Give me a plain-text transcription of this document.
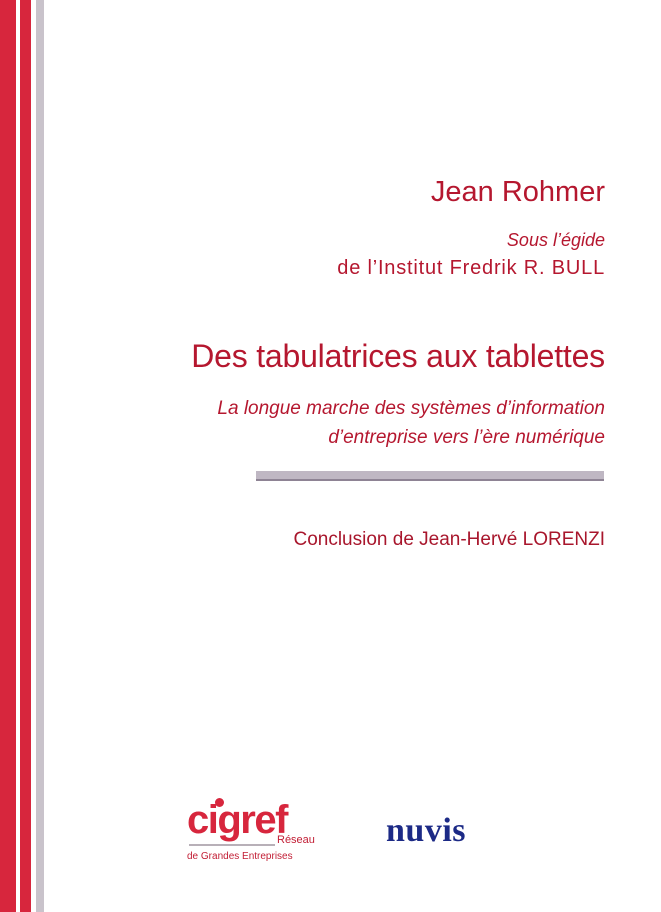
Jean Rohmer
Sous l’égide
de l’Institut Fredrik R. BULL
Des tabulatrices aux tablettes
La longue marche des systèmes d’information
d’entreprise vers l’ère numérique
Conclusion de Jean-Hervé LORENZI
cigref
Réseau
de Grandes Entreprises
nuvis
